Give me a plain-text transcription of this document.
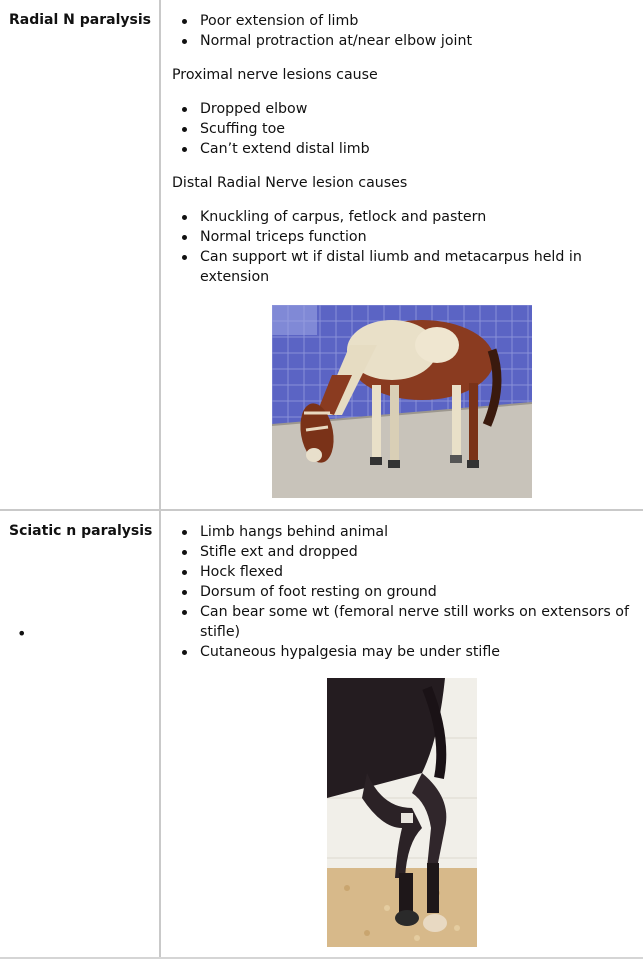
Radial N paralysis	Poor extension of limb
Normal protraction at/near elbow joint

Proximal nerve lesions cause

Dropped elbow
Scuffing toe
Can’t extend distal limb

Distal Radial Nerve lesion causes

Knuckling of carpus, fetlock and pastern
Normal triceps function
Can support wt if distal liumb and metacarpus held in extension
Sciatic n paralysis
•
Limb hangs behind animal
Stifle ext and dropped
Hock flexed
Dorsum of foot resting on ground
Can bear some wt (femoral nerve still works on extensors of stifle)
Cutaneous hypalgesia may be under stifle
